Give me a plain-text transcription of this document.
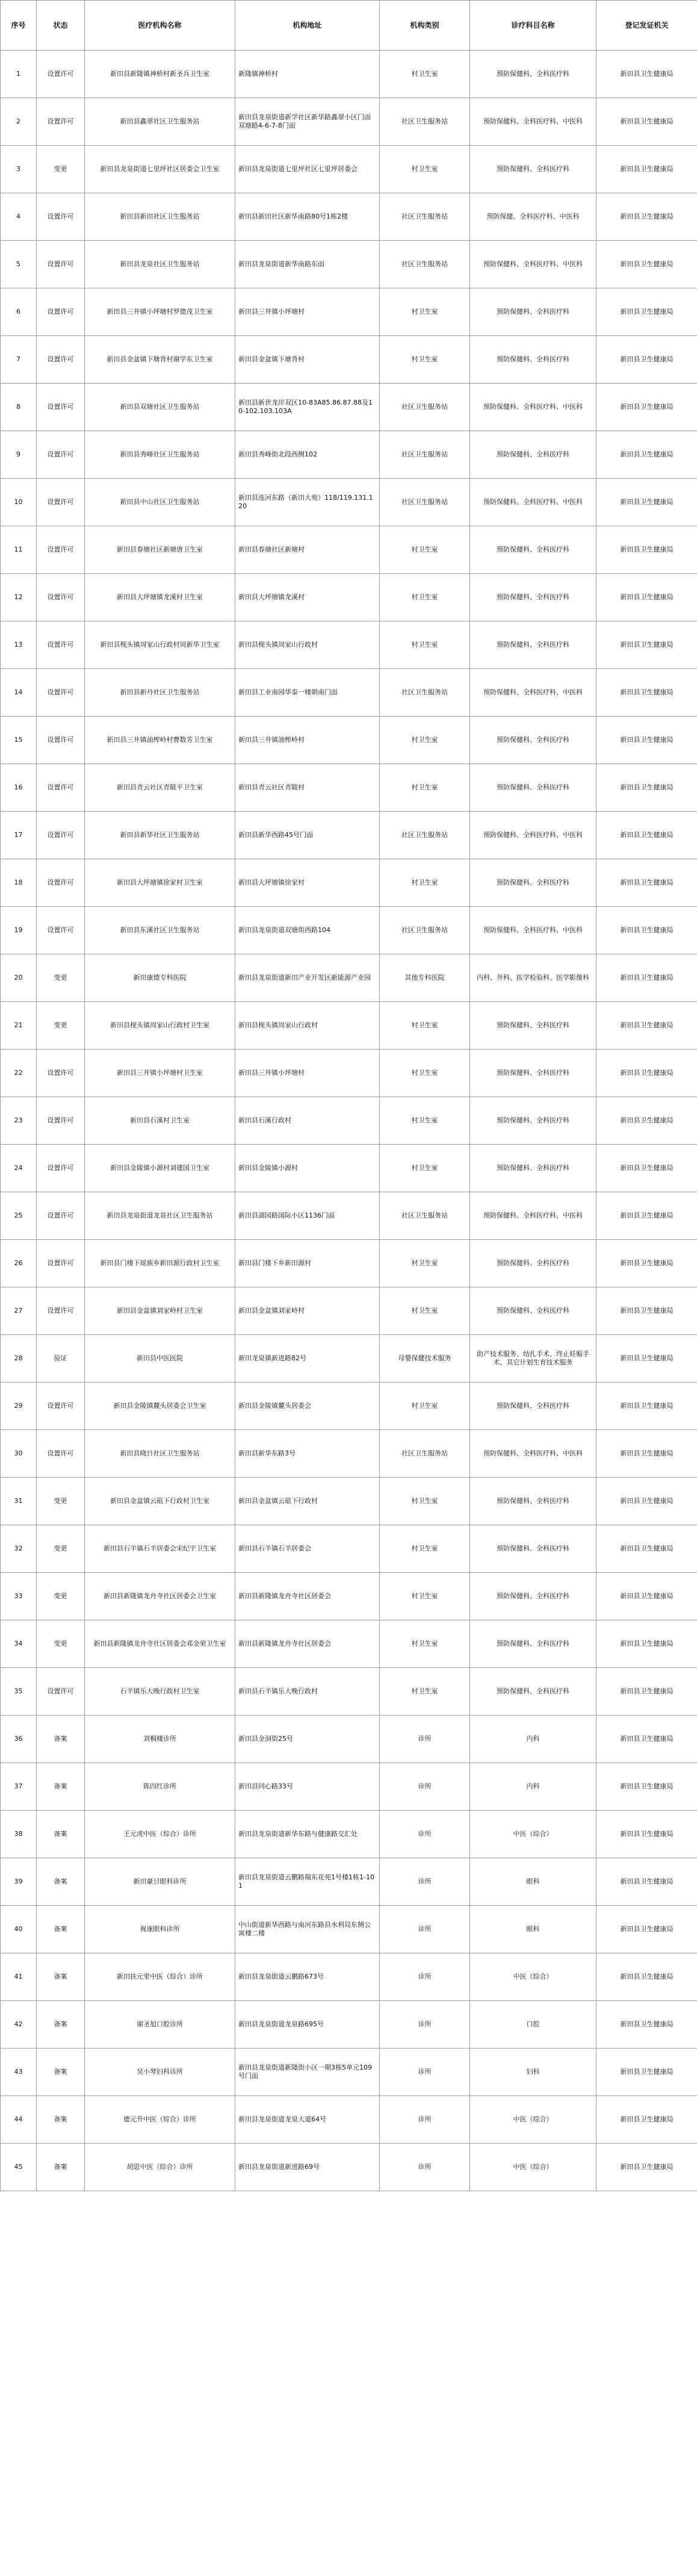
序号	状态	医疗机构名称	机构地址	机构类别	诊疗科目名称	登记发证机关
1	设置许可	新田县新隆镇神桥村新圣兵卫生室	新隆镇神桥村	村卫生室	预防保健科、全科医疗科	新田县卫生健康局
2	设置许可	新田县鑫翠社区卫生服务站	新田县龙泉街道新学社区新华路鑫翠小区门面双塘路4-6-7-8门面	社区卫生服务站	预防保健科、全科医疗科、中医科	新田县卫生健康局
3	变更	新田县龙泉街道七里坪社区居委会卫生室	新田县龙泉街道七里坪社区七里坪居委会	村卫生室	预防保健科、全科医疗科	新田县卫生健康局
4	设置许可	新田县新田社区卫生服务站	新田县新田社区新华南路80号1栋2楼	社区卫生服务站	预防保健、全科医疗科、中医科	新田县卫生健康局
5	设置许可	新田县龙泉社区卫生服务站	新田县龙泉街道新华南路东面	社区卫生服务站	预防保健科、全科医疗科、中医科	新田县卫生健康局
6	设置许可	新田县三井镇小坪塘村罗德茂卫生室	新田县三井镇小坪塘村	村卫生室	预防保健科、全科医疗科	新田县卫生健康局
7	设置许可	新田县金盆镇下塘背村谢学东卫生室	新田县金盆镇下塘背村	村卫生室	预防保健科、全科医疗科	新田县卫生健康局
8	设置许可	新田县双塘社区卫生服务站	新田县新世龙岸双区10-83A85.86.87.88及10-102.103.103A	社区卫生服务站	预防保健科、全科医疗科、中医科	新田县卫生健康局
9	设置许可	新田县秀峰社区卫生服务站	新田县秀峰街北段西侧102	社区卫生服务站	预防保健科、全科医疗科	新田县卫生健康局
10	设置许可	新田县中山社区卫生服务站	新田县连河东路（新田大苑）118/119.131.120	社区卫生服务站	预防保健科、全科医疗科、中医科	新田县卫生健康局
11	设置许可	新田县春塘社区新塘唐卫生室	新田县春塘社区新塘村	村卫生室	预防保健科、全科医疗科	新田县卫生健康局
12	设置许可	新田县大坪塘镇龙溪村卫生室	新田县大坪塘镇龙溪村	村卫生室	预防保健科、全科医疗科	新田县卫生健康局
13	设置许可	新田县枧头镇周家山行政村周新华卫生室	新田县枧头镇周家山行政村	村卫生室	预防保健科、全科医疗科	新田县卫生健康局
14	设置许可	新田县新丹社区卫生服务站	新田县工业南园华泰一楼朝南门面	社区卫生服务站	预防保健科、全科医疗科、中医科	新田县卫生健康局
15	设置许可	新田县三井镇油榨岭村曹数芳卫生室	新田县三井镇油榨岭村	村卫生室	预防保健科、全科医疗科	新田县卫生健康局
16	设置许可	新田县青云社区青陂平卫生室	新田县青云社区青陂村	村卫生室	预防保健科、全科医疗科	新田县卫生健康局
17	设置许可	新田县新华社区卫生服务站	新田县新华西路45号门面	社区卫生服务站	预防保健科、全科医疗科、中医科	新田县卫生健康局
18	设置许可	新田县大坪塘镇徐家村卫生室	新田县大坪塘镇徐家村	村卫生室	预防保健科、全科医疗科	新田县卫生健康局
19	设置许可	新田县东溪社区卫生服务站	新田县龙泉街道双塘街西路104	社区卫生服务站	预防保健科、全科医疗科、中医科	新田县卫生健康局
20	变更	新田康德专科医院	新田县龙泉街道新田产业开发区新能源产业园	其他专科医院	内科、外科、医学检验科、医学影像科	新田县卫生健康局
21	变更	新田县枧头镇周家山行政村卫生室	新田县枧头镇周家山行政村	村卫生室	预防保健科、全科医疗科	新田县卫生健康局
22	设置许可	新田县三井镇小坪塘村卫生室	新田县三井镇小坪塘村	村卫生室	预防保健科、全科医疗科	新田县卫生健康局
23	设置许可	新田县石溪村卫生室	新田县石溪行政村	村卫生室	预防保健科、全科医疗科	新田县卫生健康局
24	设置许可	新田县金陵镇小源村刘建国卫生室	新田县金陵镇小源村	村卫生室	预防保健科、全科医疗科	新田县卫生健康局
25	设置许可	新田县龙泉街道龙泉社区卫生服务站	新田县湖园路国际小区1136门面	社区卫生服务站	预防保健科、全科医疗科、中医科	新田县卫生健康局
26	设置许可	新田县门楼下瑶族乡新田源行政村卫生室	新田县门楼下乡新田源村	村卫生室	预防保健科、全科医疗科	新田县卫生健康局
27	设置许可	新田县金盆镇刘家岭村卫生室	新田县金盆镇刘家岭村	村卫生室	预防保健科、全科医疗科	新田县卫生健康局
28	验证	新田县中医医院	新田龙泉镇新进路82号	母婴保健技术服务	助产技术服务、结扎手术、终止妊娠手术、其它计划生育技术服务	新田县卫生健康局
29	设置许可	新田县金陵镇麓头居委会卫生室	新田县金陵镇麓头居委会	村卫生室	预防保健科、全科医疗科	新田县卫生健康局
30	设置许可	新田县晓日社区卫生服务站	新田县新华东路3号	社区卫生服务站	预防保健科、全科医疗科、中医科	新田县卫生健康局
31	变更	新田县金盆镇云砠下行政村卫生室	新田县金盆镇云砠下行政村	村卫生室	预防保健科、全科医疗科	新田县卫生健康局
32	变更	新田县石羊镇石羊居委会宋纪宇卫生室	新田县石羊镇石羊居委会	村卫生室	预防保健科、全科医疗科	新田县卫生健康局
33	变更	新田县新隆镇龙舟寺社区居委会卫生室	新田县新隆镇龙舟寺社区居委会	村卫生室	预防保健科、全科医疗科	新田县卫生健康局
34	变更	新田县新隆镇龙舟寺社区居委会邓金荣卫生室	新田县新隆镇龙舟寺社区居委会	村卫生室	预防保健科、全科医疗科	新田县卫生健康局
35	设置许可	石羊镇乐大晚行政村卫生室	新田县石羊镇乐大晚行政村	村卫生室	预防保健科、全科医疗科	新田县卫生健康局
36	备案	刘桐楼诊所	新田县金洞街25号	诊所	内科	新田县卫生健康局
37	备案	陈四红诊所	新田县同心路33号	诊所	内科	新田县卫生健康局
38	备案	王元虎中医（综合）诊所	新田县龙泉街道新华东路与健康路交汇处	诊所	中医（综合）	新田县卫生健康局
39	备案	新田豪目眼科诊所	新田县龙泉街道云鹏路瑞东花苑1号楼1栋1-101	诊所	眼科	新田县卫生健康局
40	备案	视康眼科诊所	中山街道新华西路与南河东路县水利局东侧公寓楼二楼	诊所	眼科	新田县卫生健康局
41	备案	新田扶元堂中医（综合）诊所	新田县龙泉街道云鹏路673号	诊所	中医（综合）	新田县卫生健康局
42	备案	谢圣旭口腔诊所	新田县龙泉街道龙泉路695号	诊所	口腔	新田县卫生健康局
43	备案	吴小琴妇科诊所	新田县龙泉街道新隆街小区一期3栋5单元109号门面	诊所	妇科	新田县卫生健康局
44	备案	德元升中医（综合）诊所	新田县龙泉街道龙泉大道64号	诊所	中医（综合）	新田县卫生健康局
45	备案	胡思中医（综合）诊所	新田县龙泉街道新进路69号	诊所	中医（综合）	新田县卫生健康局
